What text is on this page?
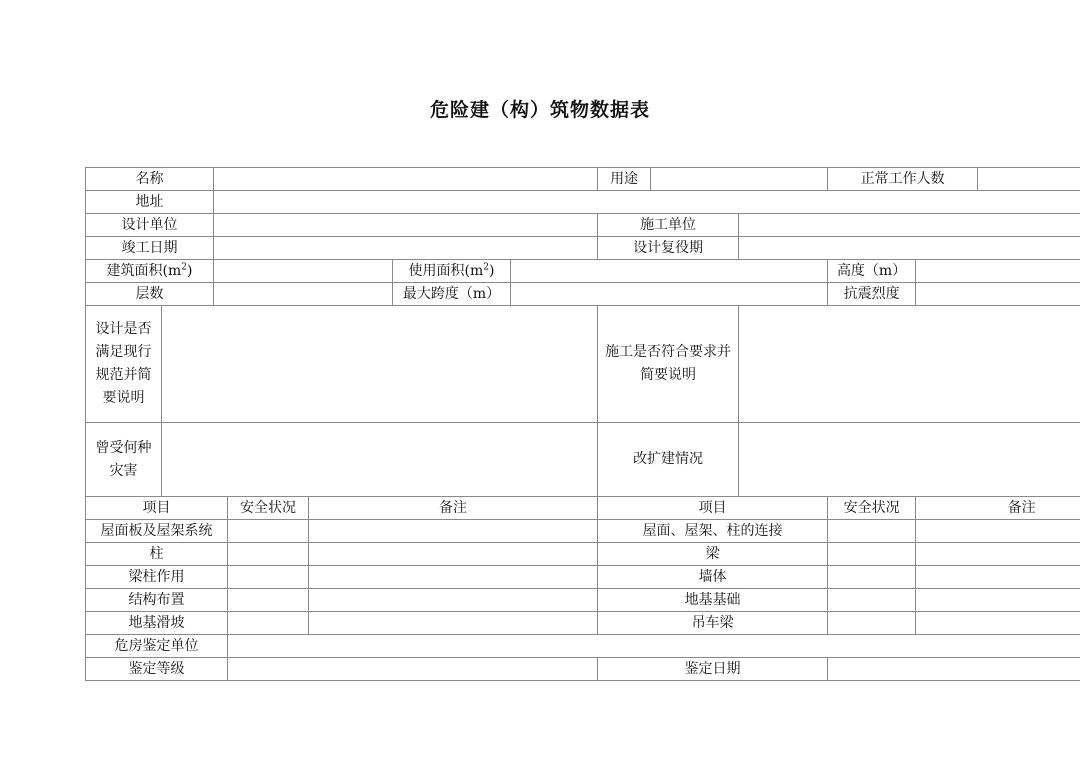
危险建（构）筑物数据表
名称							用途			正常工作人数		
地址												
设计单位							施工单位					
竣工日期							设计复役期					
建筑面积$(m^2)$					使用面积$(m^2)$					高度（m）		
层数					最大跨度（m）					抗震烈度		
设计是否满足现行规范并简要说明							施工是否符合要求并简要说明					
曾受何种灾害							改扩建情况					
项目			安全状况	备注			项目			安全状况	备注	
屋面板及屋架系统							屋面、屋架、柱的连接					
柱							梁					
梁柱作用							墙体					
结构布置							地基基础					
地基滑坡							吊车梁					
危房鉴定单位												
鉴定等级							鉴定日期					
